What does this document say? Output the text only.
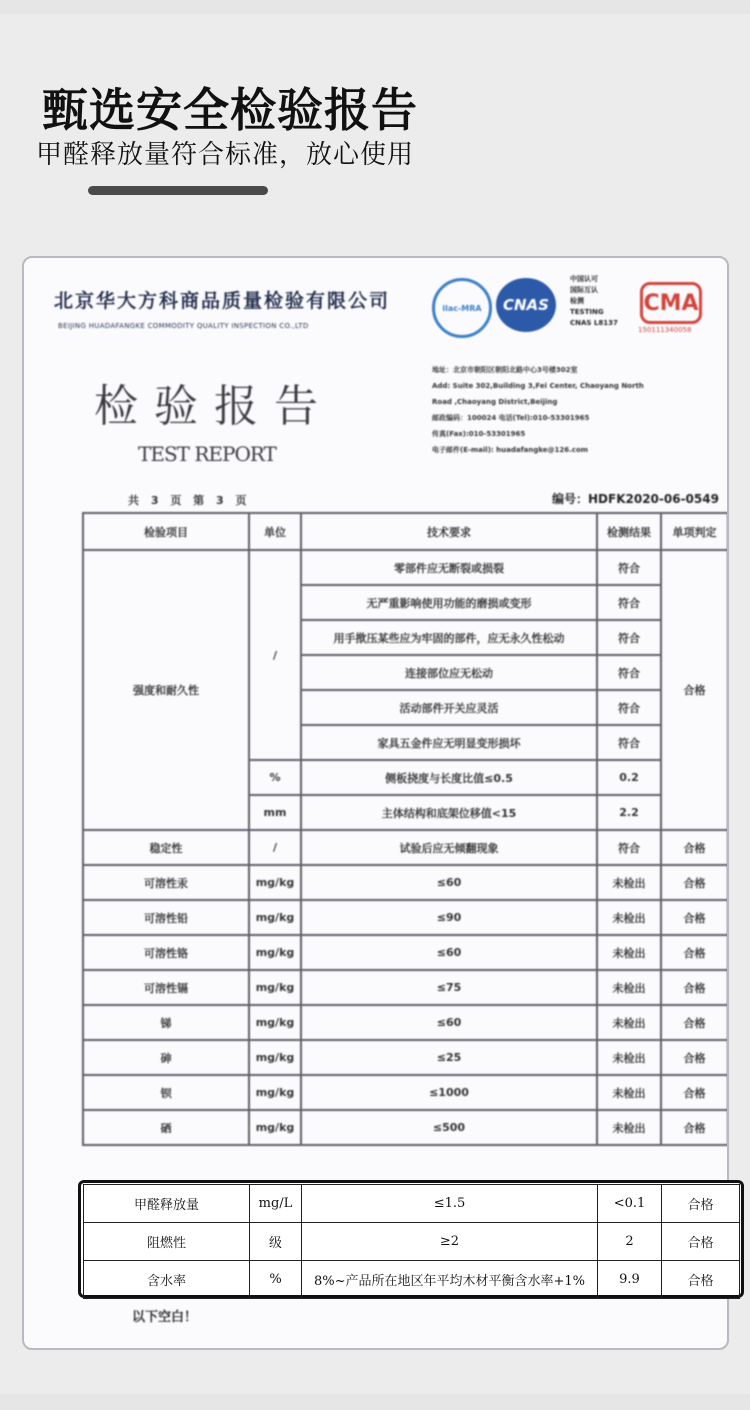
甄选安全检验报告
甲醛释放量符合标准，放心使用
北京华大方科商品质量检验有限公司
BEIJING HUADAFANGKE COMMODITY QUALITY INSPECTION CO.,LTD
ilac-MRA	CNAS
中国认可
国际互认
检测
TESTING
CNAS L8137
CMA
150111340058
检验报告
TEST REPORT
地址：北京市朝阳区朝阳北路中心3号楼302室
Add: Suite 302,Building 3,Fei Center, Chaoyang North
Road ,Chaoyang District,Beijing
邮政编码：100024 电话(Tel):010-53301965
传真(Fax):010-53301965
电子邮件(E-mail): huadafangke@126.com
共 3 页 第 3 页	编号：HDFK2020-06-0549
检验项目	单位	技术要求	检测结果	单项判定
强度和耐久性	/	零部件应无断裂或损裂	符合	合格
		无严重影响使用功能的磨损或变形	符合	
		用手揿压某些应为牢固的部件，应无永久性松动	符合	
		连接部位应无松动	符合	
		活动部件开关应灵活	符合	
		家具五金件应无明显变形损坏	符合	
	%	侧板挠度与长度比值≤0.5	0.2	
	mm	主体结构和底架位移值<15	2.2	
稳定性	/	试验后应无倾翻现象	符合	合格
可溶性汞	mg/kg	≤60	未检出	合格
可溶性铅	mg/kg	≤90	未检出	合格
可溶性铬	mg/kg	≤60	未检出	合格
可溶性镉	mg/kg	≤75	未检出	合格
锑	mg/kg	≤60	未检出	合格
砷	mg/kg	≤25	未检出	合格
钡	mg/kg	≤1000	未检出	合格
硒	mg/kg	≤500	未检出	合格
以下空白！
甲醛释放量	mg/L	≤1.5	<0.1	合格
阻燃性	级	≥2	2	合格
含水率	%	8%~产品所在地区年平均木材平衡含水率+1%	9.9	合格
